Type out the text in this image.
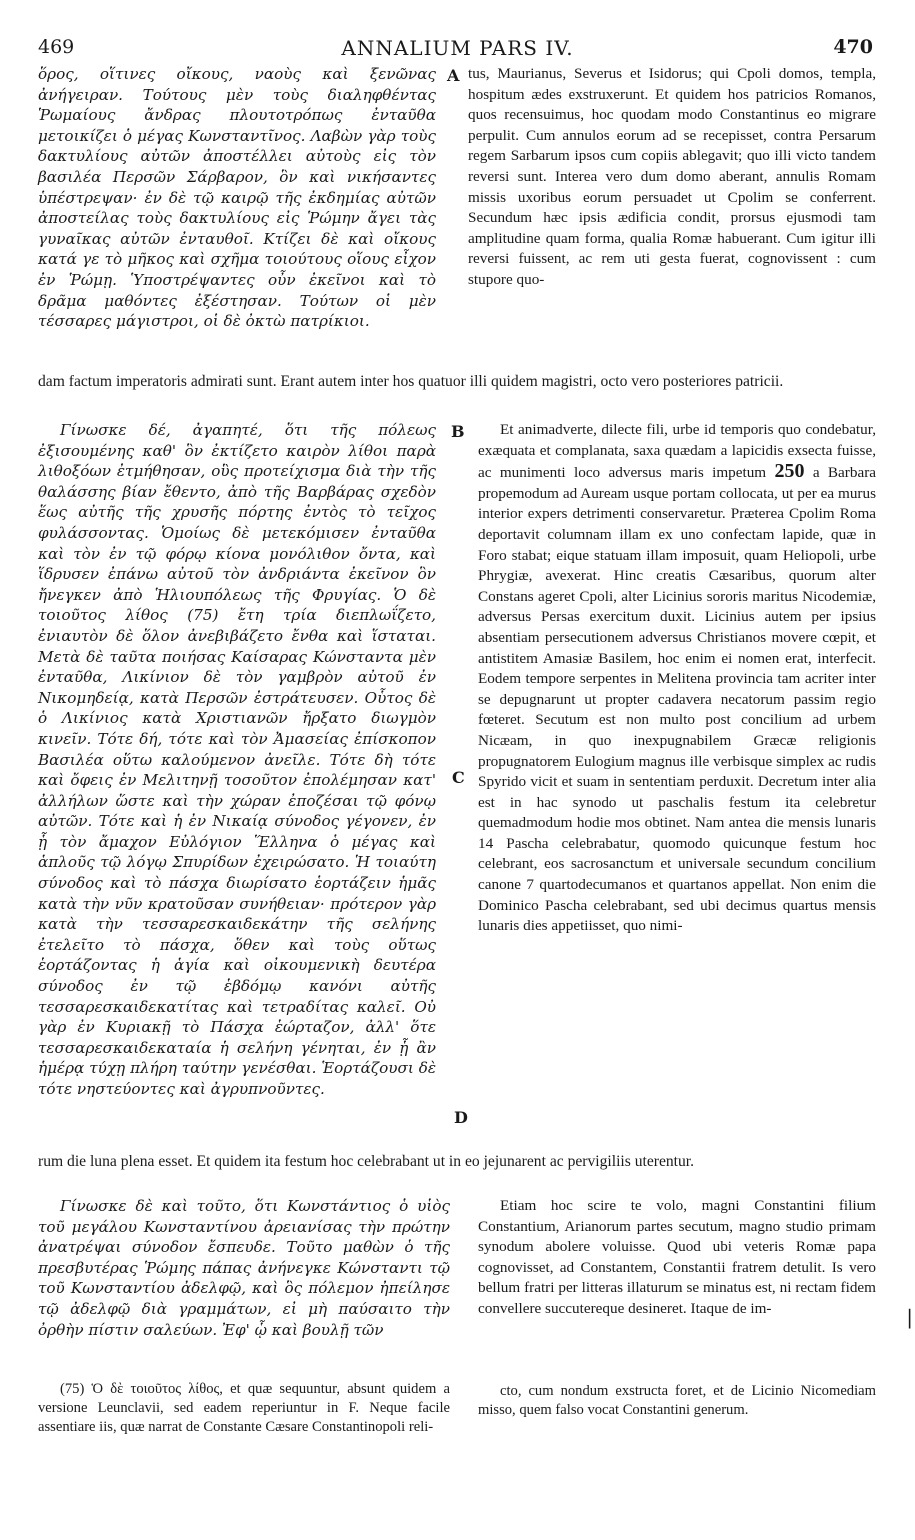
469	ANNALIUM PARS IV.	470

ὅρος, οἵτινες οἴκους, ναοὺς καὶ ξενῶνας ἀνήγειραν. Τούτους μὲν τοὺς διαληφθέντας Ῥωμαίους ἄνδρας πλουτοτρόπως ἐνταῦθα μετοικίζει ὁ μέγας Κωνσταντῖνος. Λαβὼν γὰρ τοὺς δακτυλίους αὐτῶν ἀποστέλλει αὐτοὺς εἰς τὸν βασιλέα Περσῶν Σάρβαρον, ὃν καὶ νικήσαντες ὑπέστρεψαν· ἐν δὲ τῷ καιρῷ τῆς ἐκδημίας αὐτῶν ἀποστείλας τοὺς δακτυλίους εἰς Ῥώμην ἄγει τὰς γυναῖκας αὐτῶν ἐνταυθοῖ. Κτίζει δὲ καὶ οἴκους κατά γε τὸ μῆκος καὶ σχῆμα τοιούτους οἵους εἶχον ἐν Ῥώμῃ. Ὑποστρέψαντες οὖν ἐκεῖνοι καὶ τὸ δρᾶμα μαθόντες ἐξέστησαν. Τούτων οἱ μὲν τέσσαρες μάγιστροι, οἱ δὲ ὀκτὼ πατρίκιοι.

A tus, Maurianus, Severus et Isidorus; qui Cpoli domos, templa, hospitum ædes exstruxerunt. Et quidem hos patricios Romanos, quos recensuimus, hoc quodam modo Constantinus eo migrare perpulit. Cum annulos eorum ad se recepisset, contra Persarum regem Sarbarum ipsos cum copiis ablegavit; quo illi victo tandem reversi sunt. Interea vero dum domo aberant, annulis Romam missis uxoribus eorum persuadet ut Cpolim se conferrent. Secundum hæc ipsis ædificia condit, prorsus ejusmodi tam amplitudine quam forma, qualia Romæ habuerant. Cum igitur illi reversi fuissent, ac rem uti gesta fuerat, cognovissent : cum stupore quo-

dam factum imperatoris admirati sunt. Erant autem inter hos quatuor illi quidem magistri, octo vero posteriores patricii.

Γίνωσκε δέ, ἀγαπητέ, ὅτι τῆς πόλεως ἐξισουμένης καθ' ὃν ἐκτίζετο καιρὸν λίθοι παρὰ λιθοξόων ἐτμήθησαν, οὓς προτείχισμα διὰ τὴν τῆς θαλάσσης βίαν ἔθεντο, ἀπὸ τῆς Βαρβάρας σχεδὸν ἕως αὐτῆς τῆς χρυσῆς πόρτης ἐντὸς τὸ τεῖχος φυλάσσοντας. Ὁμοίως δὲ μετεκόμισεν ἐνταῦθα καὶ τὸν ἐν τῷ φόρῳ κίονα μονόλιθον ὄντα, καὶ ἵδρυσεν ἐπάνω αὐτοῦ τὸν ἀνδριάντα ἐκεῖνον ὃν ἤνεγκεν ἀπὸ Ἡλιουπόλεως τῆς Φρυγίας. Ὁ δὲ τοιοῦτος λίθος (75) ἔτη τρία διεπλωΐζετο, ἐνιαυτὸν δὲ ὅλον ἀνεβιβάζετο ἔνθα καὶ ἵσταται. Μετὰ δὲ ταῦτα ποιήσας Καίσαρας Κώνσταντα μὲν ἐνταῦθα, Λικίνιον δὲ τὸν γαμβρὸν αὐτοῦ ἐν Νικομηδείᾳ, κατὰ Περσῶν ἐστράτευσεν. Οὗτος δὲ ὁ Λικίνιος κατὰ Χριστιανῶν ἤρξατο διωγμὸν κινεῖν. Τότε δή, τότε καὶ τὸν Ἀμασείας ἐπίσκοπον Βασιλέα οὕτω καλούμενον ἀνεῖλε. Τότε δὴ τότε καὶ ὄφεις ἐν Μελιτηνῇ τοσοῦτον ἐπολέμησαν κατ' ἀλλήλων ὥστε καὶ τὴν χώραν ἐποζέσαι τῷ φόνῳ αὐτῶν. Τότε καὶ ἡ ἐν Νικαίᾳ σύνοδος γέγονεν, ἐν ᾗ τὸν ἄμαχον Εὐλόγιον Ἕλληνα ὁ μέγας καὶ ἁπλοῦς τῷ λόγῳ Σπυρίδων ἐχειρώσατο. Ἡ τοιαύτη σύνοδος καὶ τὸ πάσχα διωρίσατο ἑορτάζειν ἡμᾶς κατὰ τὴν νῦν κρατοῦσαν συνήθειαν· πρότερον γὰρ κατὰ τὴν τεσσαρεσκαιδεκάτην τῆς σελήνης ἐτελεῖτο τὸ πάσχα, ὅθεν καὶ τοὺς οὕτως ἑορτάζοντας ἡ ἁγία καὶ οἰκουμενικὴ δευτέρα σύνοδος ἐν τῷ ἑβδόμῳ κανόνι αὐτῆς τεσσαρεσκαιδεκατίτας καὶ τετραδίτας καλεῖ. Οὐ γὰρ ἐν Κυριακῇ τὸ Πάσχα ἑώρταζον, ἀλλ' ὅτε τεσσαρεσκαιδεκαταία ἡ σελήνη γένηται, ἐν ᾗ ἂν ἡμέρᾳ τύχῃ πλήρη ταύτην γενέσθαι. Ἑορτάζουσι δὲ τότε νηστεύοντες καὶ ἀγρυπνοῦντες.

B
C
D

Et animadverte, dilecte fili, urbe id temporis quo condebatur, exæquata et complanata, saxa quædam a lapicidis exsecta fuisse, ac munimenti loco adversus maris impetum 250 a Barbara propemodum ad Auream usque portam collocata, ut per ea murus interior expers detrimenti conservaretur. Præterea Cpolim Roma deportavit columnam illam ex uno confectam lapide, quæ in Foro stabat; eique statuam illam imposuit, quam Heliopoli, urbe Phrygiæ, avexerat. Hinc creatis Cæsaribus, quorum alter Constans ageret Cpoli, alter Licinius sororis maritus Nicodemiæ, adversus Persas exercitum duxit. Licinius autem per ipsius absentiam persecutionem adversus Christianos movere cœpit, et antistitem Amasiæ Basilem, hoc enim ei nomen erat, interfecit. Eodem tempore serpentes in Melitena provincia tam acriter inter se depugnarunt ut propter cadavera necatorum passim regio fœteret. Secutum est non multo post concilium ad urbem Nicæam, in quo inexpugnabilem Græcæ religionis propugnatorem Eulogium magnus ille verbisque simplex ac rudis Spyrido vicit et suam in sententiam perduxit. Decretum inter alia est in hac synodo ut paschalis festum ita celebretur quemadmodum hodie mos obtinet. Nam antea die mensis lunaris 14 Pascha celebrabatur, quomodo quicunque festum hoc celebrant, eos sacrosanctum et universale secundum concilium canone 7 quartodecumanos et quartanos appellat. Non enim die Dominico Pascha celebrabant, sed ubi decimus quartus mensis lunaris dies appetiisset, quo nimi-

rum die luna plena esset. Et quidem ita festum hoc celebrabant ut in eo jejunarent ac pervigiliis uterentur.

Γίνωσκε δὲ καὶ τοῦτο, ὅτι Κωνστάντιος ὁ υἱὸς τοῦ μεγάλου Κωνσταντίνου ἀρειανίσας τὴν πρώτην ἀνατρέψαι σύνοδον ἔσπευδε. Τοῦτο μαθὼν ὁ τῆς πρεσβυτέρας Ῥώμης πάπας ἀνήνεγκε Κώνσταντι τῷ τοῦ Κωνσταντίου ἀδελφῷ, καὶ ὃς πόλεμον ἠπείλησε τῷ ἀδελφῷ διὰ γραμμάτων, εἰ μὴ παύσαιτο τὴν ὀρθὴν πίστιν σαλεύων. Ἐφ' ᾧ καὶ βουλῇ τῶν

Etiam hoc scire te volo, magni Constantini filium Constantium, Arianorum partes secutum, magno studio primam synodum abolere voluisse. Quod ubi veteris Romæ papa cognovisset, ad Constantem, Constantii fratrem detulit. Is vero bellum fratri per litteras illaturum se minatus est, ni rectam fidem convellere succutereque desineret. Itaque de im-

(75) Ὁ δὲ τοιοῦτος λίθος, et quæ sequuntur, absunt quidem a versione Leunclavii, sed eadem reperiuntur in F. Neque facile assentiare iis, quæ narrat de Constante Cæsare Constantinopoli reli-

cto, cum nondum exstructa foret, et de Licinio Nicomediam misso, quem falso vocat Constantini generum.

|
